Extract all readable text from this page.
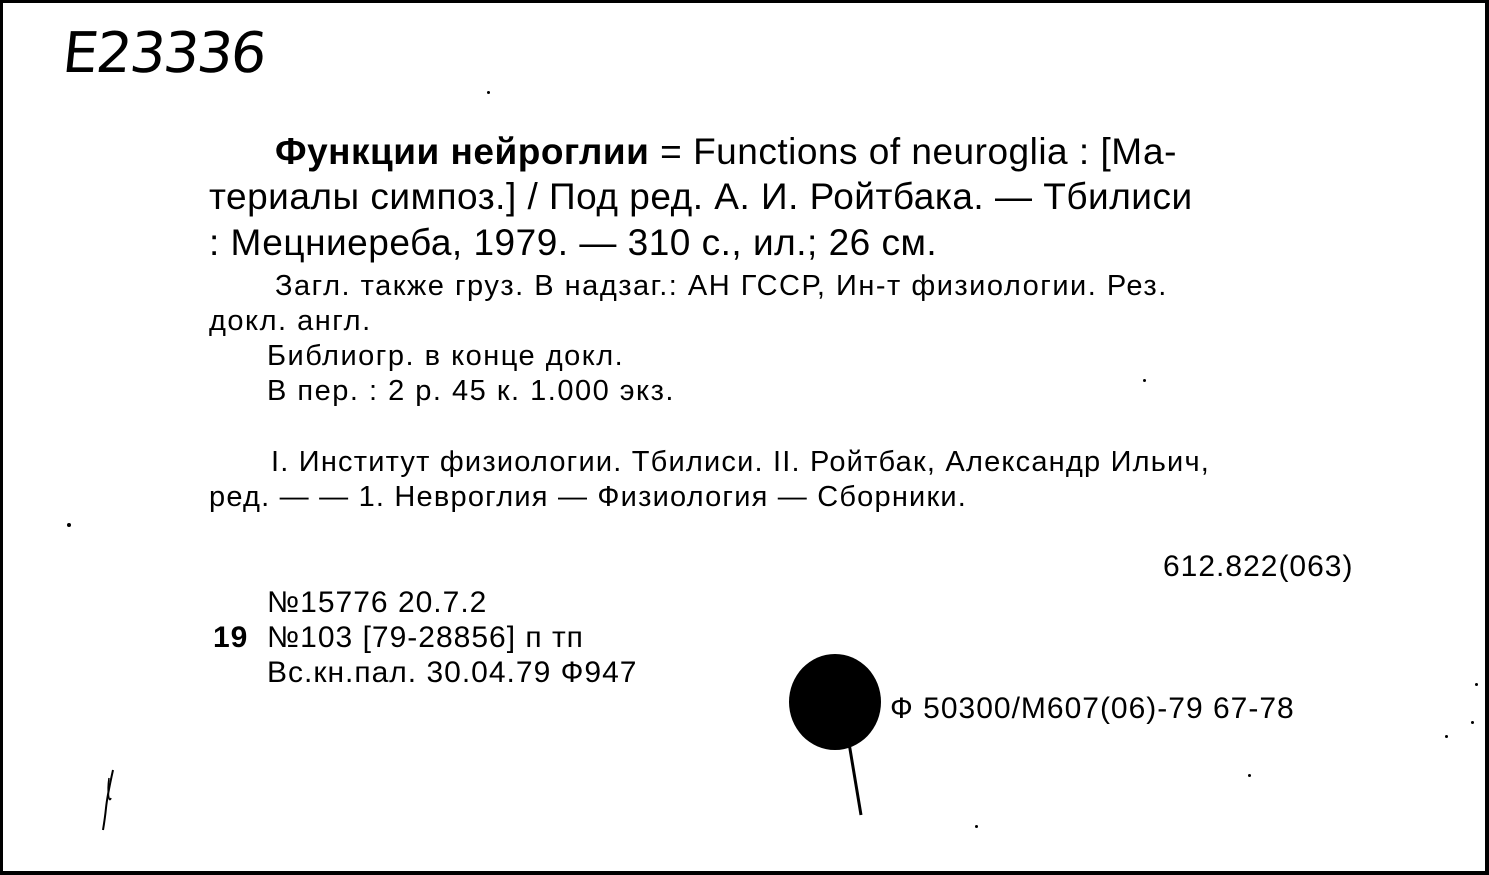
E23336
Функции нейроглии = Functions of neuroglia : [Ма-
териалы симпоз.] / Под ред. А. И. Ройтбака. — Тбилиси
: Мецниереба, 1979. — 310 с., ил.; 26 см.
Загл. также груз. В надзаг.: АН ГССР, Ин-т физиологии. Рез.
докл. англ.
Библиогр. в конце докл.
В пер. : 2 р. 45 к. 1.000 экз.
I. Институт физиологии. Тбилиси. II. Ройтбак, Александр Ильич,
ред. — — 1. Невроглия — Физиология — Сборники.
612.822(063)
№15776 20.7.2
19 №103 [79-28856] п тп
Вс.кн.пал. 30.04.79 Ф947
Ф 50300/М607(06)-79 67-78
